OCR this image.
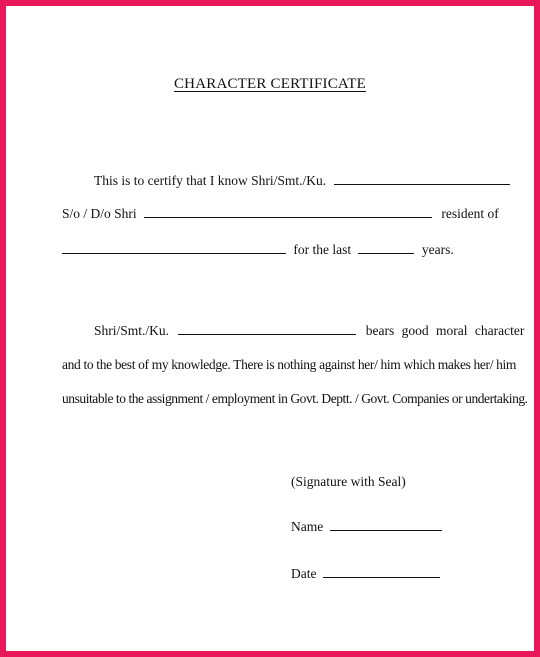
CHARACTER CERTIFICATE
This is to certify that I know Shri/Smt./Ku.
S/o / D/o Shri	resident of
for the last	years.
Shri/Smt./Ku.	bears good moral character
and to the best of my knowledge. There is nothing against her/ him which makes her/ him
unsuitable to the assignment / employment in Govt. Deptt. / Govt. Companies or undertaking.
(Signature with Seal)
Name
Date
